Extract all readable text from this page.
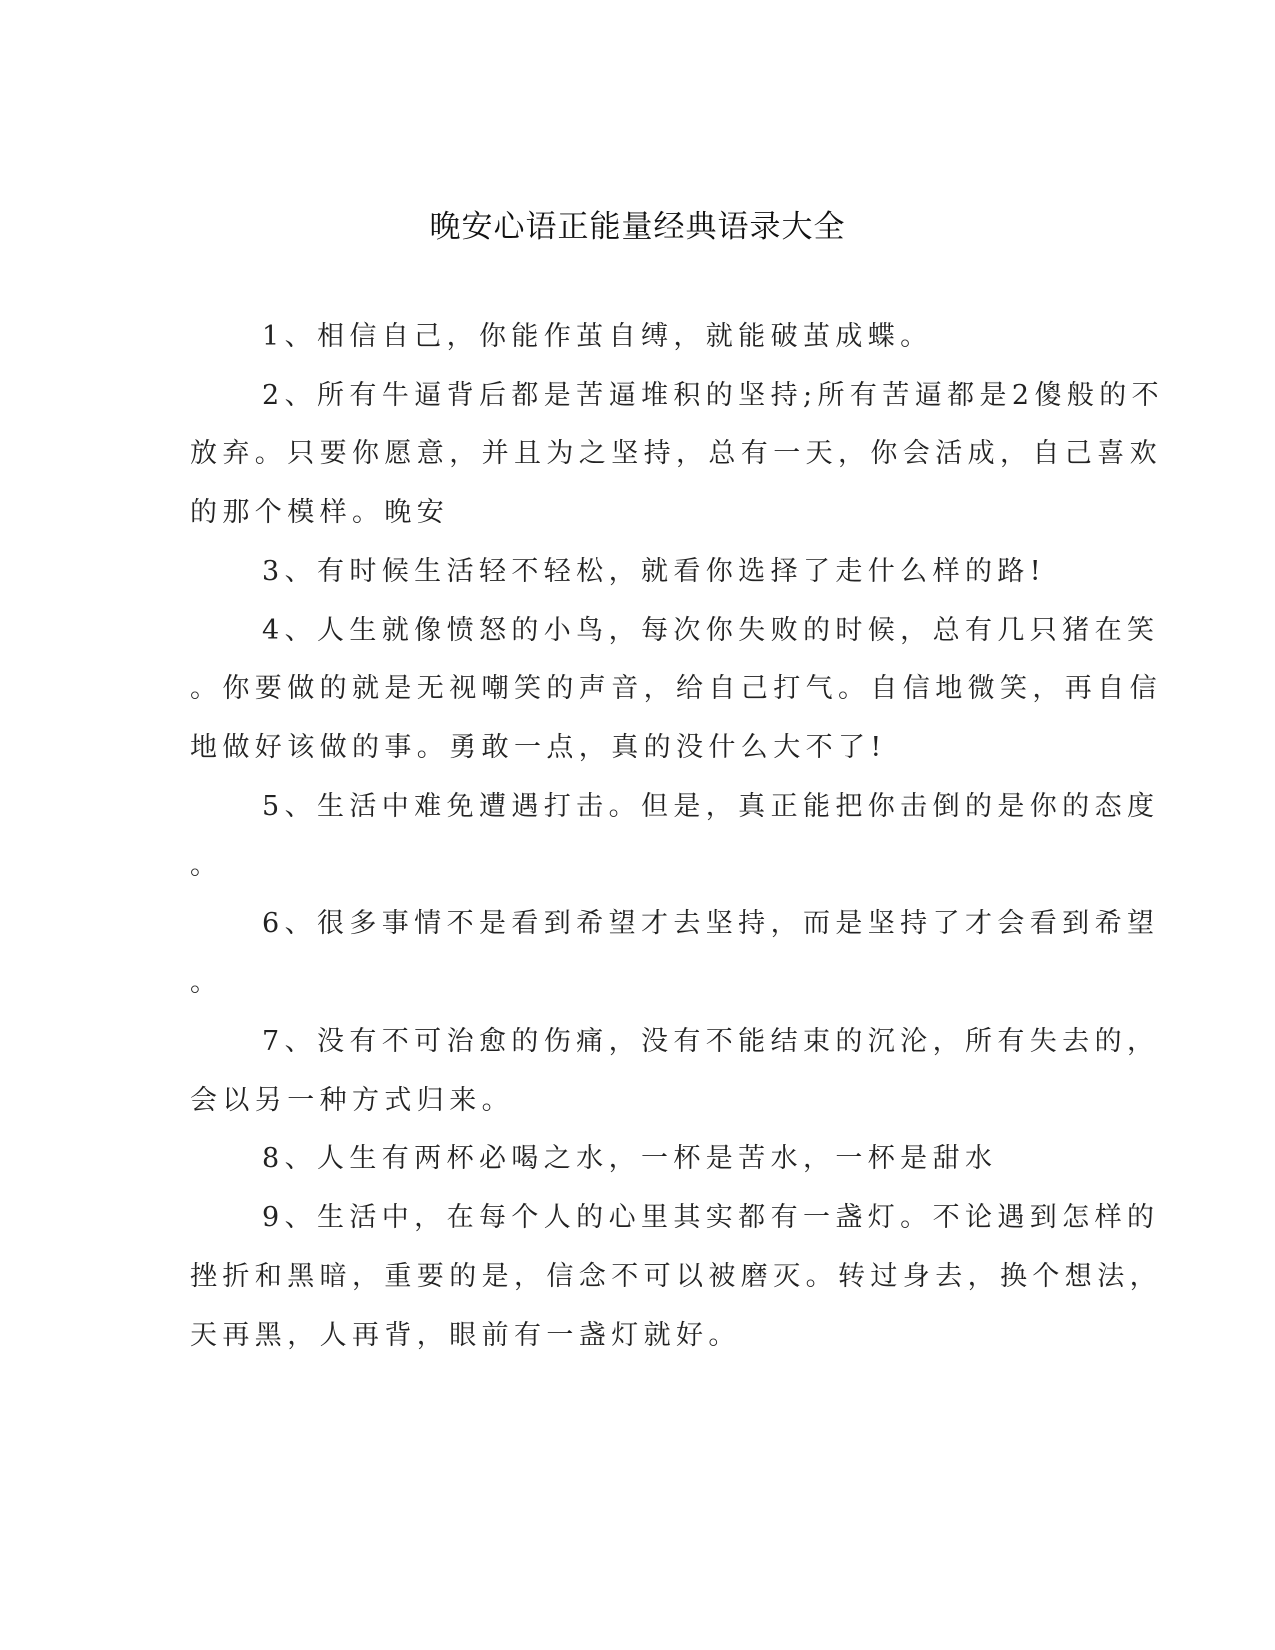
晚安心语正能量经典语录大全
1、相信自己，你能作茧自缚，就能破茧成蝶。
2、所有牛逼背后都是苦逼堆积的坚持;所有苦逼都是2傻般的不
放弃。只要你愿意，并且为之坚持，总有一天，你会活成，自己喜欢
的那个模样。晚安
3、有时候生活轻不轻松，就看你选择了走什么样的路!
4、人生就像愤怒的小鸟，每次你失败的时候，总有几只猪在笑
。你要做的就是无视嘲笑的声音，给自己打气。自信地微笑，再自信
地做好该做的事。勇敢一点，真的没什么大不了!
5、生活中难免遭遇打击。但是，真正能把你击倒的是你的态度
。
6、很多事情不是看到希望才去坚持，而是坚持了才会看到希望
。
7、没有不可治愈的伤痛，没有不能结束的沉沦，所有失去的，
会以另一种方式归来。
8、人生有两杯必喝之水，一杯是苦水，一杯是甜水
9、生活中，在每个人的心里其实都有一盏灯。不论遇到怎样的
挫折和黑暗，重要的是，信念不可以被磨灭。转过身去，换个想法，
天再黑，人再背，眼前有一盏灯就好。
